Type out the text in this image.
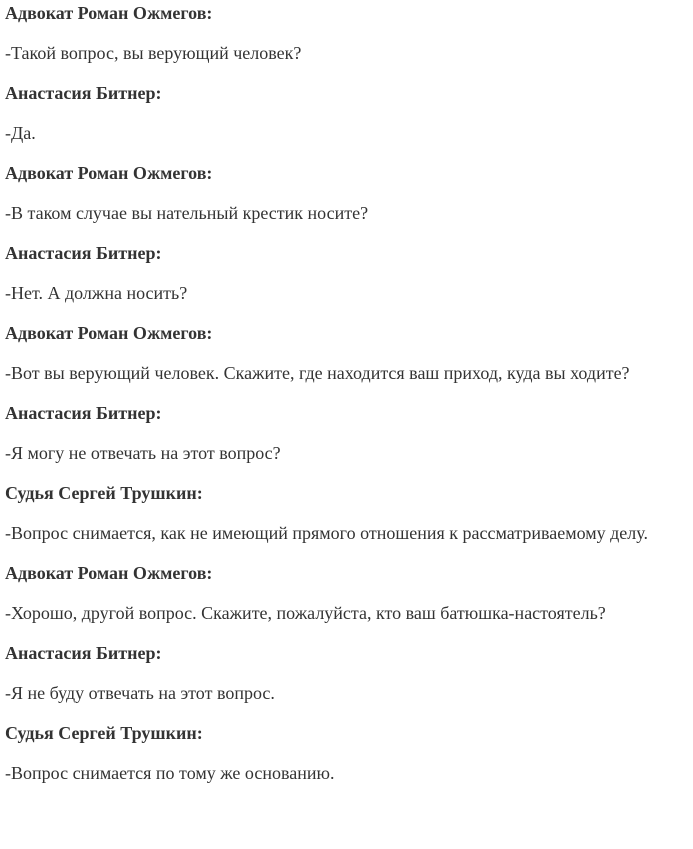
Адвокат Роман Ожмегов:

-Такой вопрос, вы верующий человек?

Анастасия Битнер:

-Да.

Адвокат Роман Ожмегов:

-В таком случае вы нательный крестик носите?

Анастасия Битнер:

-Нет. А должна носить?

Адвокат Роман Ожмегов:

-Вот вы верующий человек. Скажите, где находится ваш приход, куда вы ходите?

Анастасия Битнер:

-Я могу не отвечать на этот вопрос?

Судья Сергей Трушкин:

-Вопрос снимается, как не имеющий прямого отношения к рассматриваемому делу.

Адвокат Роман Ожмегов:

-Хорошо, другой вопрос. Скажите, пожалуйста, кто ваш батюшка-настоятель?

Анастасия Битнер:

-Я не буду отвечать на этот вопрос.

Судья Сергей Трушкин:

-Вопрос снимается по тому же основанию.
